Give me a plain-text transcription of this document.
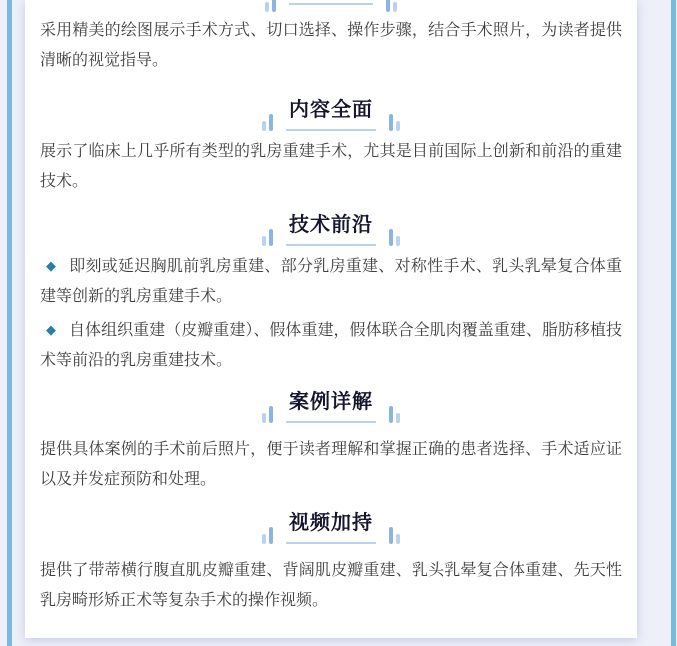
采用精美的绘图展示手术方式、切口选择、操作步骤，结合手术照片，为读者提供清晰的视觉指导。

内容全面

展示了临床上几乎所有类型的乳房重建手术，尤其是目前国际上创新和前沿的重建技术。

技术前沿

◆ 即刻或延迟胸肌前乳房重建、部分乳房重建、对称性手术、乳头乳晕复合体重建等创新的乳房重建手术。

◆ 自体组织重建（皮瓣重建）、假体重建，假体联合全肌肉覆盖重建、脂肪移植技术等前沿的乳房重建技术。

案例详解

提供具体案例的手术前后照片，便于读者理解和掌握正确的患者选择、手术适应证以及并发症预防和处理。

视频加持

提供了带蒂横行腹直肌皮瓣重建、背阔肌皮瓣重建、乳头乳晕复合体重建、先天性乳房畸形矫正术等复杂手术的操作视频。
